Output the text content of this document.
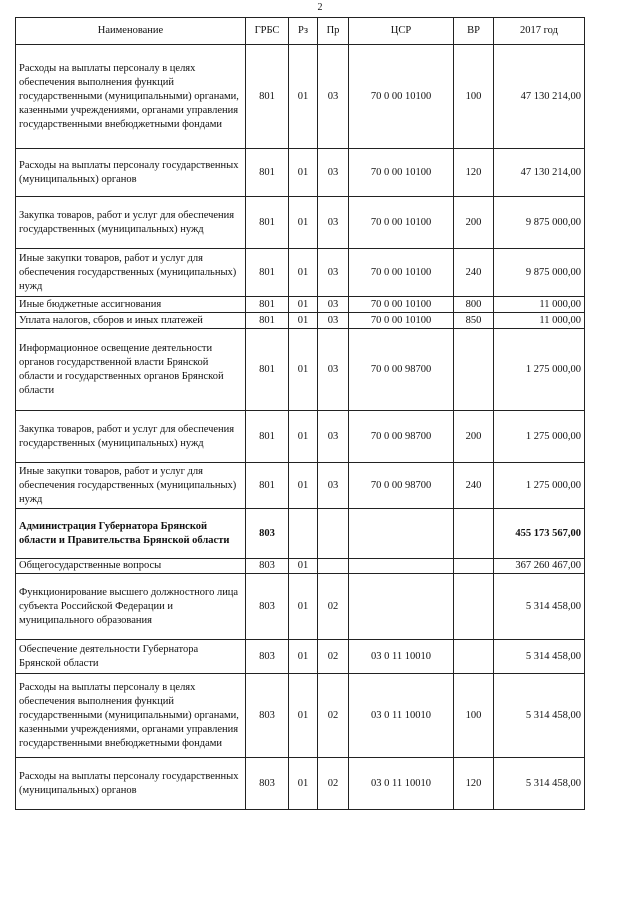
2
Наименование	ГРБС	Рз	Пр	ЦСР	ВР	2017 год
Расходы на выплаты персоналу в целях обеспечения выполнения функций государственными (муниципальными) органами, казенными учреждениями, органами управления государственными внебюджетными фондами	801	01	03	70 0 00 10100	100	47 130 214,00
Расходы на выплаты персоналу государственных (муниципальных) органов	801	01	03	70 0 00 10100	120	47 130 214,00
Закупка товаров, работ и услуг для обеспечения государственных (муниципальных) нужд	801	01	03	70 0 00 10100	200	9 875 000,00
Иные закупки товаров, работ и услуг для обеспечения государственных (муниципальных) нужд	801	01	03	70 0 00 10100	240	9 875 000,00
Иные бюджетные ассигнования	801	01	03	70 0 00 10100	800	11 000,00
Уплата налогов, сборов и иных платежей	801	01	03	70 0 00 10100	850	11 000,00
Информационное освещение деятельности органов государственной власти Брянской области и государственных органов Брянской области	801	01	03	70 0 00 98700		1 275 000,00
Закупка товаров, работ и услуг для обеспечения государственных (муниципальных) нужд	801	01	03	70 0 00 98700	200	1 275 000,00
Иные закупки товаров, работ и услуг для обеспечения государственных (муниципальных) нужд	801	01	03	70 0 00 98700	240	1 275 000,00
Администрация Губернатора Брянской области и Правительства Брянской области	803					455 173 567,00
Общегосударственные вопросы	803	01				367 260 467,00
Функционирование высшего должностного лица субъекта Российской Федерации и муниципального образования	803	01	02			5 314 458,00
Обеспечение деятельности Губернатора Брянской области	803	01	02	03 0 11 10010		5 314 458,00
Расходы на выплаты персоналу в целях обеспечения выполнения функций государственными (муниципальными) органами, казенными учреждениями, органами управления государственными внебюджетными фондами	803	01	02	03 0 11 10010	100	5 314 458,00
Расходы на выплаты персоналу государственных (муниципальных) органов	803	01	02	03 0 11 10010	120	5 314 458,00
